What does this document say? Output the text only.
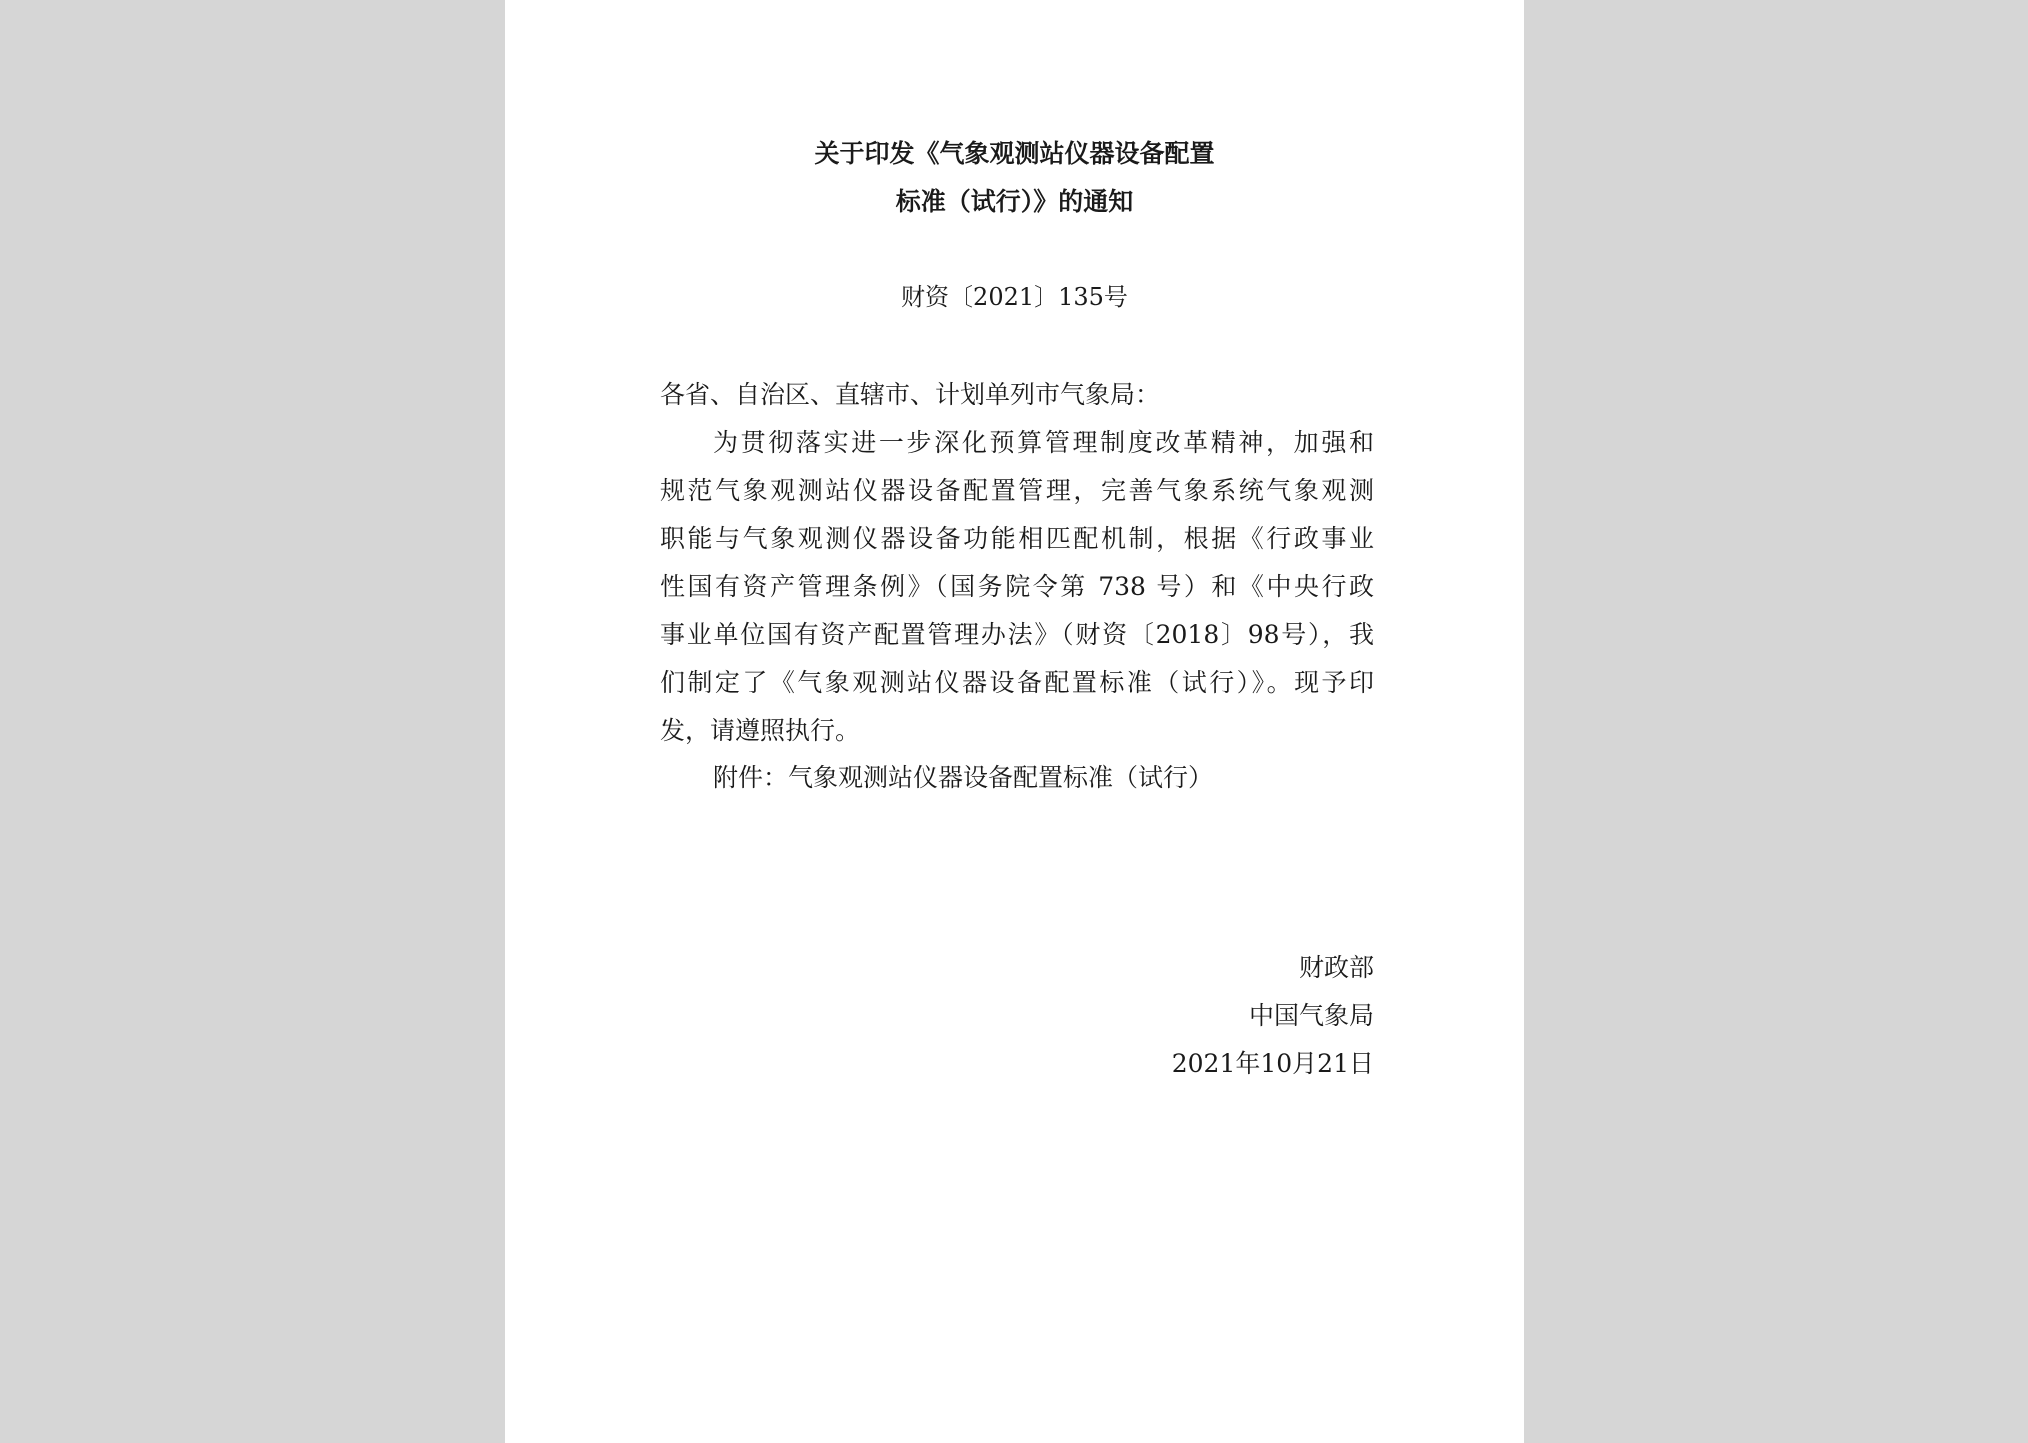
关于印发《气象观测站仪器设备配置
标准（试行）》的通知
财资〔2021〕135号
各省、自治区、直辖市、计划单列市气象局：
为贯彻落实进一步深化预算管理制度改革精神，加强和
规范气象观测站仪器设备配置管理，完善气象系统气象观测
职能与气象观测仪器设备功能相匹配机制，根据《行政事业
性国有资产管理条例》（国务院令第 738 号）和《中央行政
事业单位国有资产配置管理办法》（财资〔2018〕98号），我
们制定了《气象观测站仪器设备配置标准（试行）》。现予印
发，请遵照执行。
附件：气象观测站仪器设备配置标准（试行）
财政部
中国气象局
2021年10月21日
